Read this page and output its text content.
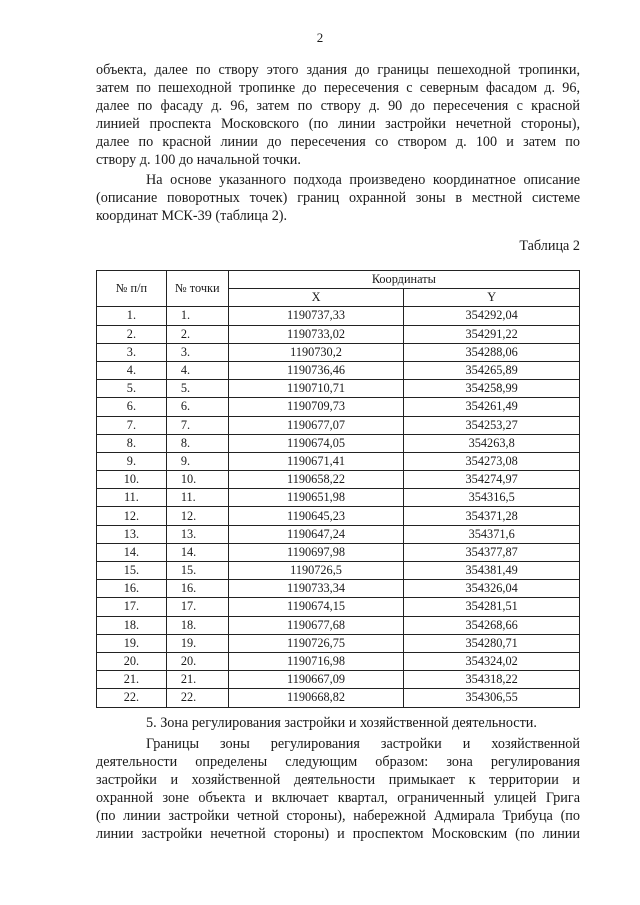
2
объекта, далее по створу этого здания до границы пешеходной тропинки,
затем по пешеходной тропинке до пересечения с северным фасадом д. 96,
далее по фасаду д. 96, затем по створу д. 90 до пересечения с красной
линией проспекта Московского (по линии застройки нечетной стороны),
далее по красной линии до пересечения со створом д. 100 и затем по
створу д. 100 до начальной точки.
На основе указанного подхода произведено координатное описание
(описание поворотных точек) границ охранной зоны в местной системе
координат МСК-39 (таблица 2).
Таблица 2
№ п/п	№ точки	Координаты	
		X	Y
1.	1.	1190737,33	354292,04
2.	2.	1190733,02	354291,22
3.	3.	1190730,2	354288,06
4.	4.	1190736,46	354265,89
5.	5.	1190710,71	354258,99
6.	6.	1190709,73	354261,49
7.	7.	1190677,07	354253,27
8.	8.	1190674,05	354263,8
9.	9.	1190671,41	354273,08
10.	10.	1190658,22	354274,97
11.	11.	1190651,98	354316,5
12.	12.	1190645,23	354371,28
13.	13.	1190647,24	354371,6
14.	14.	1190697,98	354377,87
15.	15.	1190726,5	354381,49
16.	16.	1190733,34	354326,04
17.	17.	1190674,15	354281,51
18.	18.	1190677,68	354268,66
19.	19.	1190726,75	354280,71
20.	20.	1190716,98	354324,02
21.	21.	1190667,09	354318,22
22.	22.	1190668,82	354306,55
5. Зона регулирования застройки и хозяйственной деятельности.
Границы зоны регулирования застройки и хозяйственной
деятельности определены следующим образом: зона регулирования
застройки и хозяйственной деятельности примыкает к территории и
охранной зоне объекта и включает квартал, ограниченный улицей Грига
(по линии застройки четной стороны), набережной Адмирала Трибуца (по
линии застройки нечетной стороны) и проспектом Московским (по линии
